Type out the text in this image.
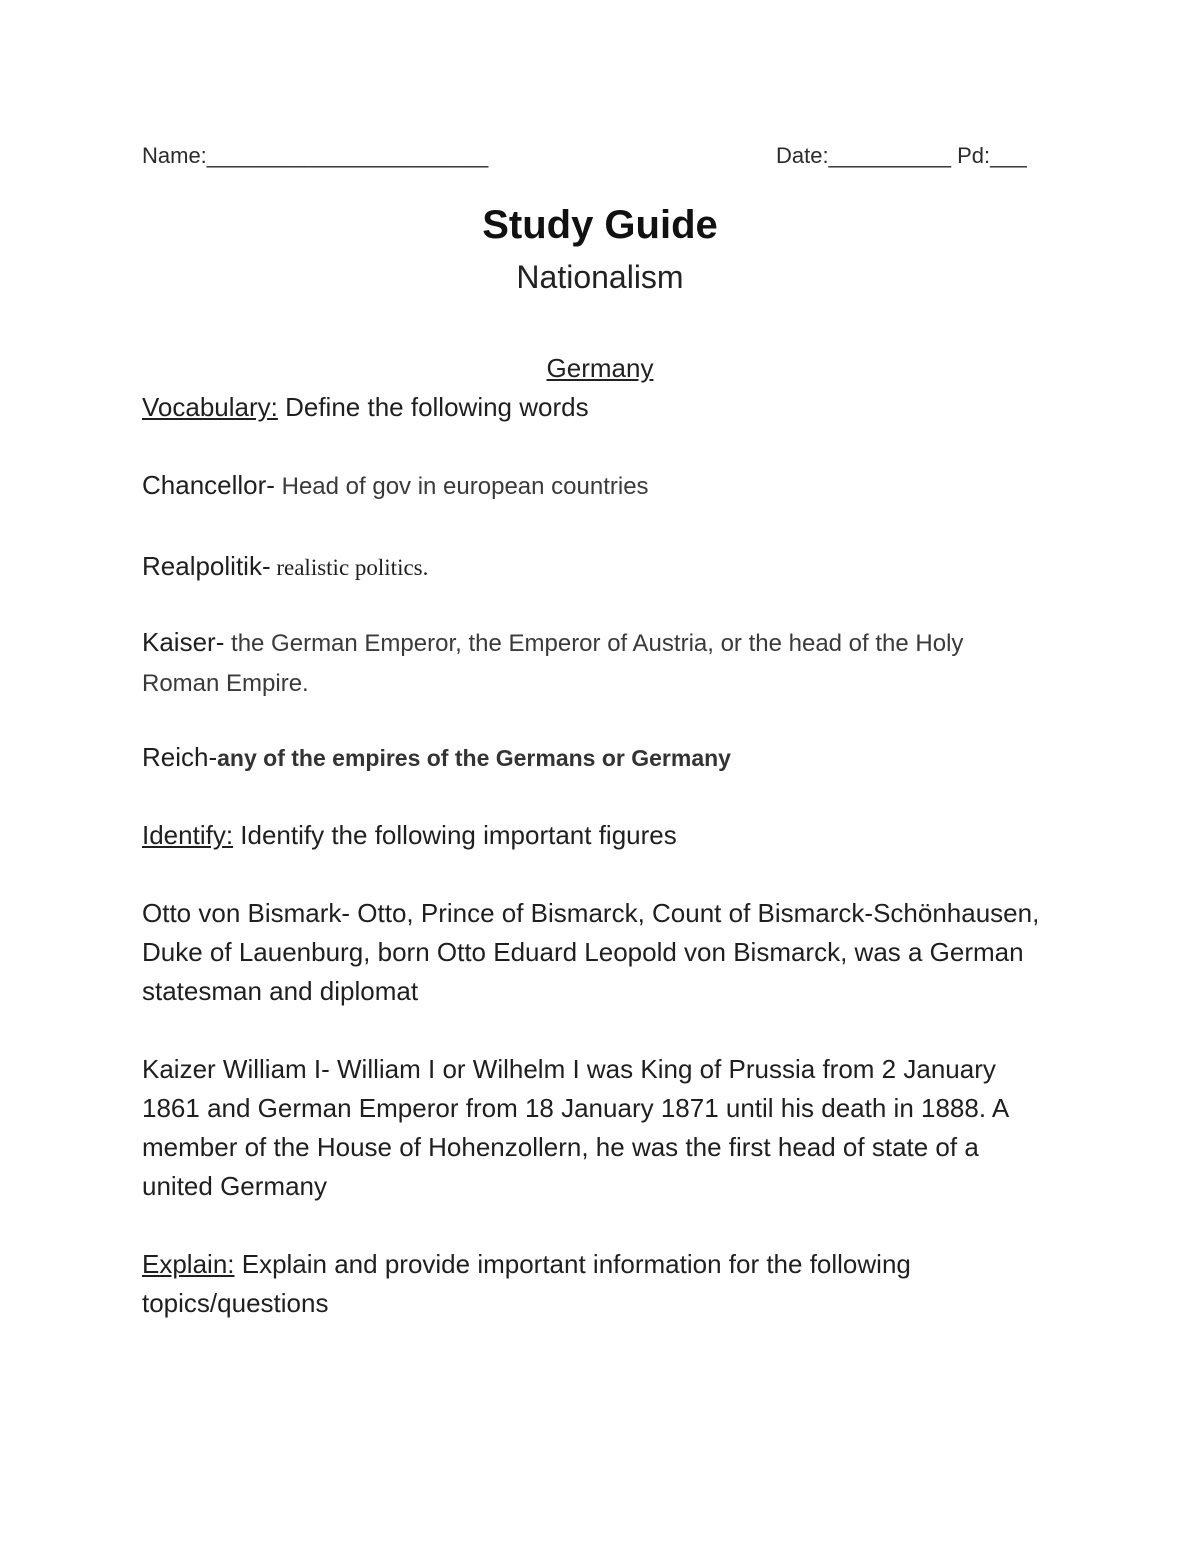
Name:_______________________	Date:__________ Pd:___
Study Guide
Nationalism
Germany
Vocabulary: Define the following words
Chancellor- Head of gov in european countries
Realpolitik- realistic politics.
Kaiser- the German Emperor, the Emperor of Austria, or the head of the Holy Roman Empire.
Reich-any of the empires of the Germans or Germany
Identify: Identify the following important figures
Otto von Bismark- Otto, Prince of Bismarck, Count of Bismarck-Schönhausen, Duke of Lauenburg, born Otto Eduard Leopold von Bismarck, was a German statesman and diplomat
Kaizer William I- William I or Wilhelm I was King of Prussia from 2 January 1861 and German Emperor from 18 January 1871 until his death in 1888. A member of the House of Hohenzollern, he was the first head of state of a united Germany
Explain: Explain and provide important information for the following topics/questions
